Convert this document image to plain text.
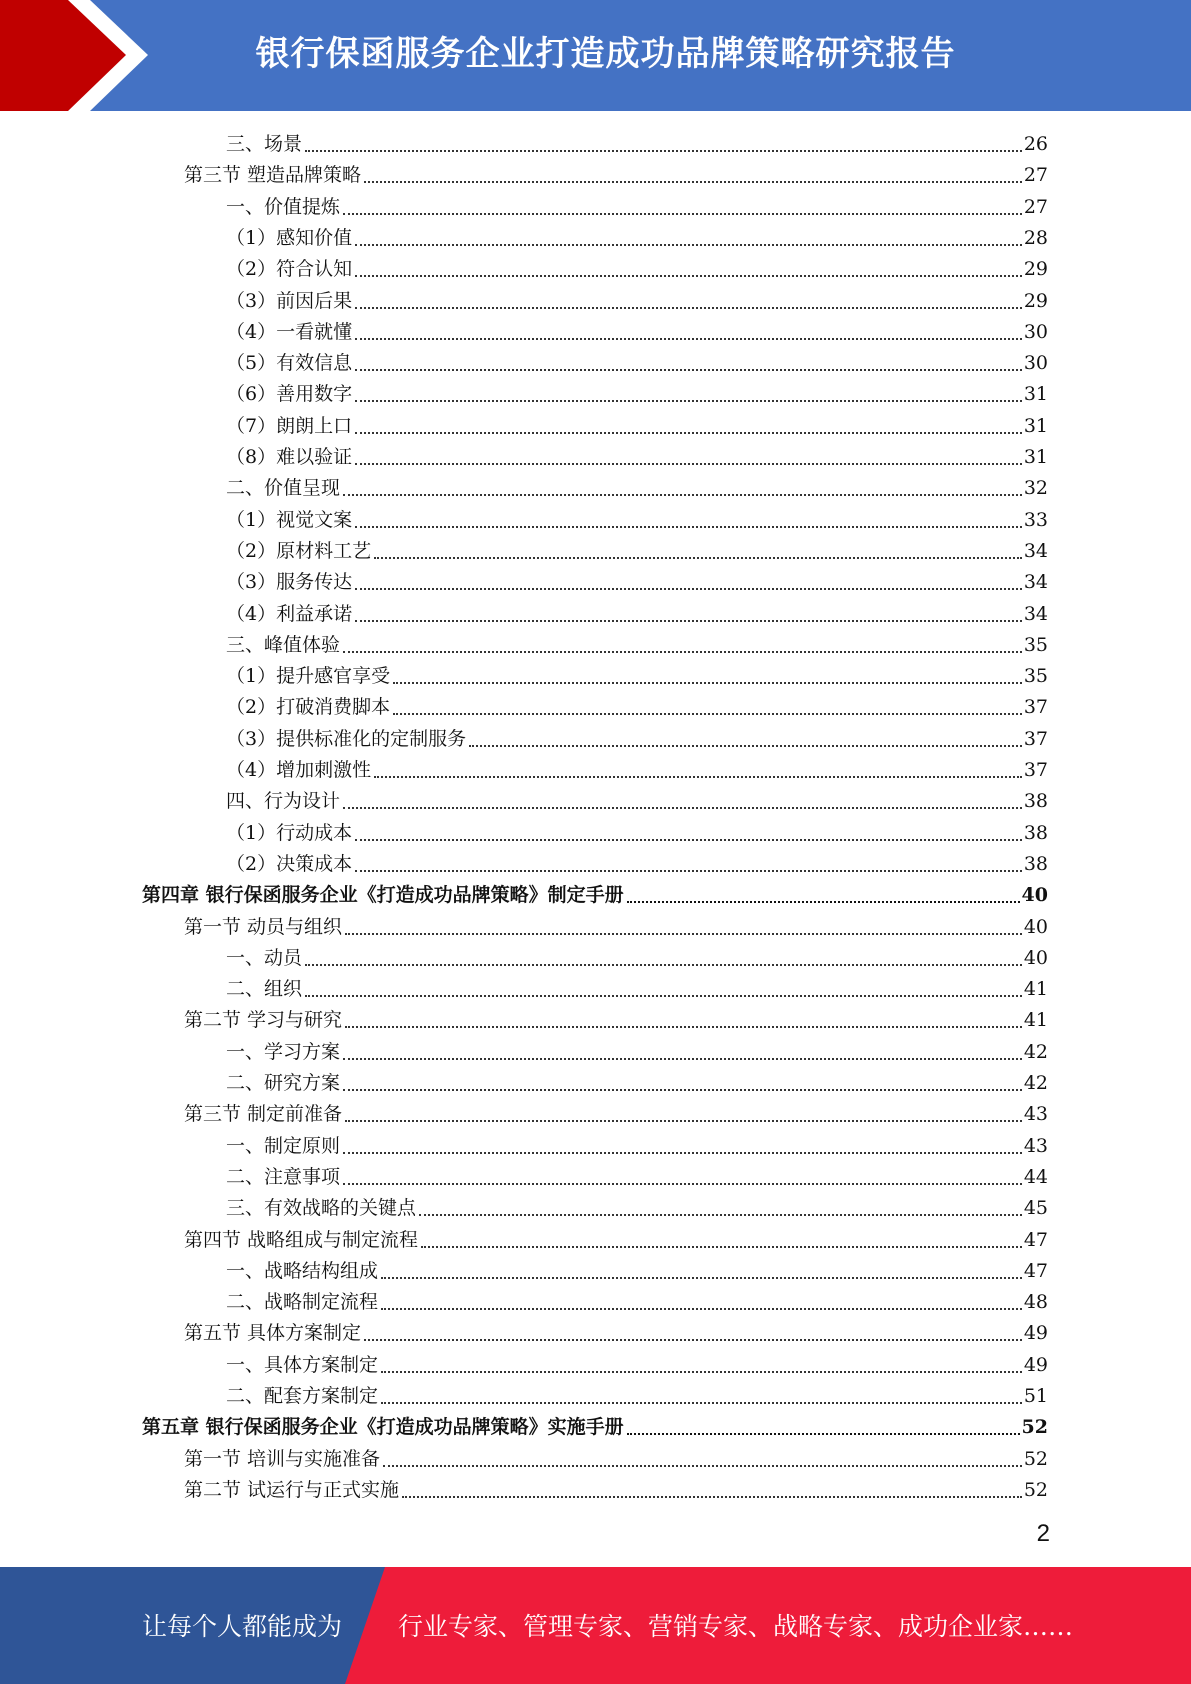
银行保函服务企业打造成功品牌策略研究报告
三、场景	26
第三节 塑造品牌策略	27
一、价值提炼	27
（1）感知价值	28
（2）符合认知	29
（3）前因后果	29
（4）一看就懂	30
（5）有效信息	30
（6）善用数字	31
（7）朗朗上口	31
（8）难以验证	31
二、价值呈现	32
（1）视觉文案	33
（2）原材料工艺	34
（3）服务传达	34
（4）利益承诺	34
三、峰值体验	35
（1）提升感官享受	35
（2）打破消费脚本	37
（3）提供标准化的定制服务	37
（4）增加刺激性	37
四、行为设计	38
（1）行动成本	38
（2）决策成本	38
第四章 银行保函服务企业《打造成功品牌策略》制定手册	40
第一节 动员与组织	40
一、动员	40
二、组织	41
第二节 学习与研究	41
一、学习方案	42
二、研究方案	42
第三节 制定前准备	43
一、制定原则	43
二、注意事项	44
三、有效战略的关键点	45
第四节 战略组成与制定流程	47
一、战略结构组成	47
二、战略制定流程	48
第五节 具体方案制定	49
一、具体方案制定	49
二、配套方案制定	51
第五章 银行保函服务企业《打造成功品牌策略》实施手册	52
第一节 培训与实施准备	52
第二节 试运行与正式实施	52
2
让每个人都能成为 行业专家、管理专家、营销专家、战略专家、成功企业家……
